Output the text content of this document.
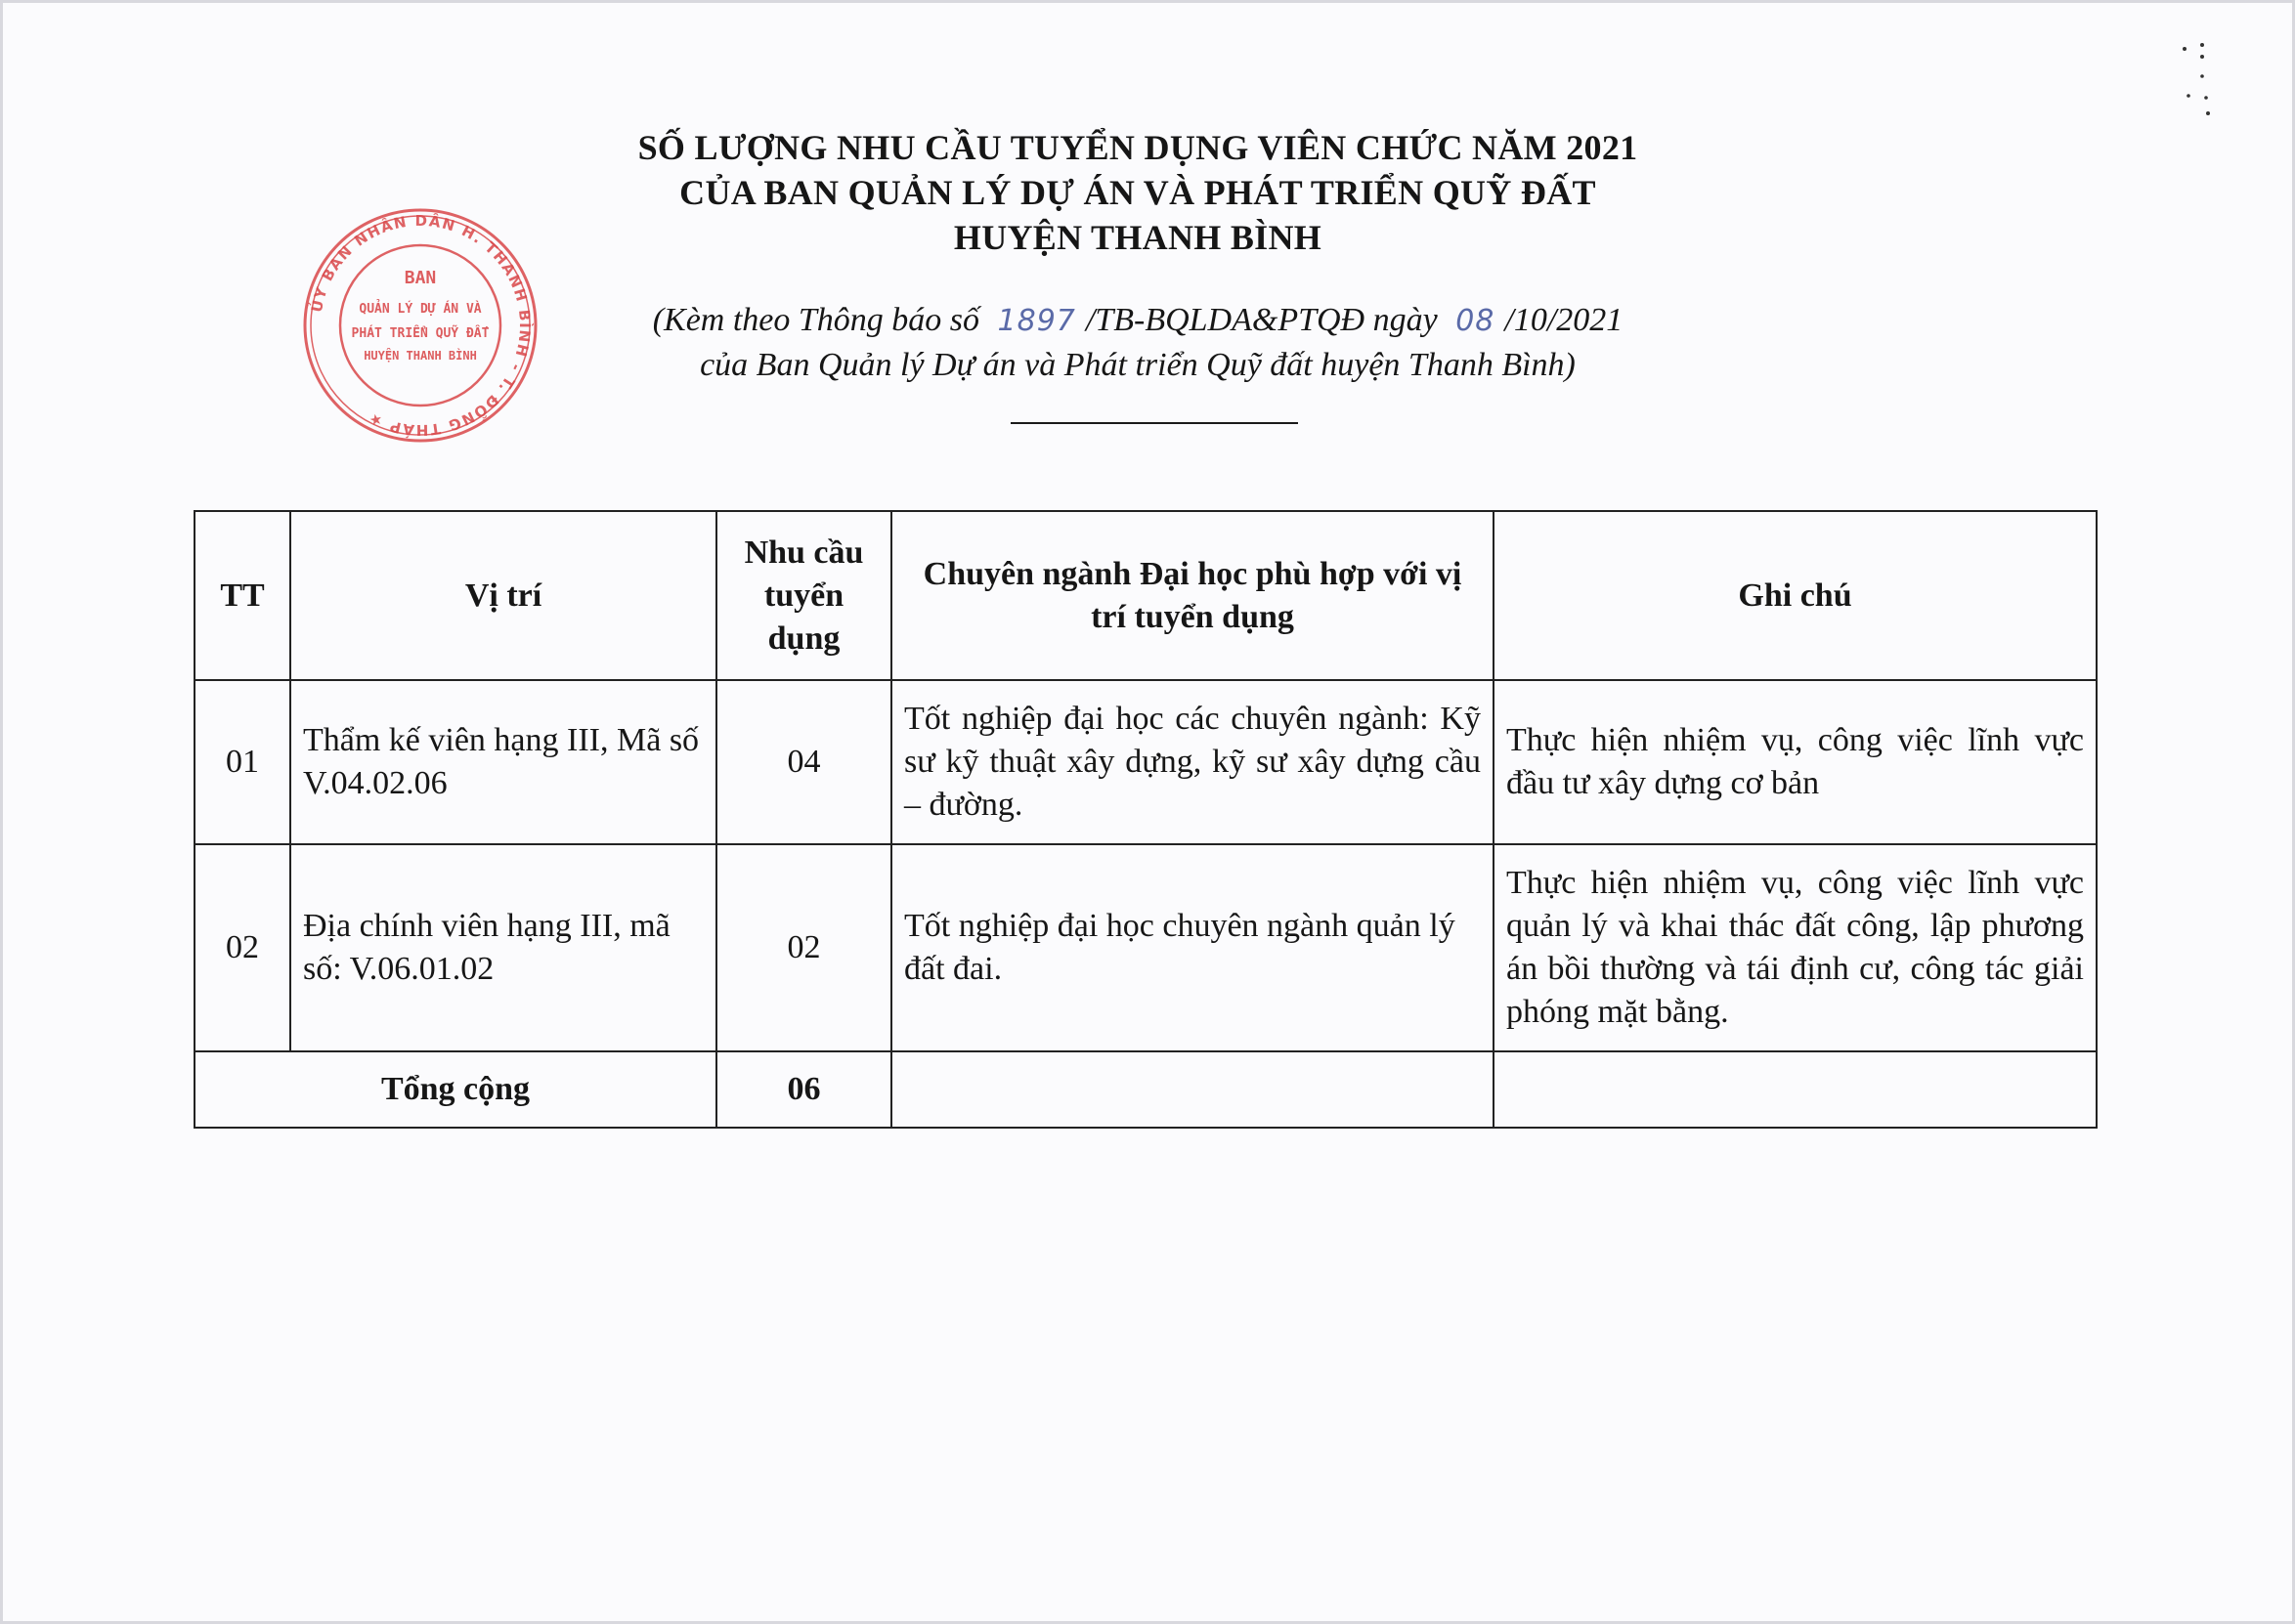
ỦY BAN NHÂN DÂN H. THANH BÌNH - T. ĐỒNG THÁP ★
BAN
QUẢN LÝ DỰ ÁN VÀ
PHÁT TRIỂN QUỸ ĐẤT
HUYỆN THANH BÌNH
SỐ LƯỢNG NHU CẦU TUYỂN DỤNG VIÊN CHỨC NĂM 2021
CỦA BAN QUẢN LÝ DỰ ÁN VÀ PHÁT TRIỂN QUỸ ĐẤT
HUYỆN THANH BÌNH
(Kèm theo Thông báo số 1897 /TB-BQLDA&PTQĐ ngày 08 /10/2021
của Ban Quản lý Dự án và Phát triển Quỹ đất huyện Thanh Bình)
TT	Vị trí	Nhu cầu tuyển dụng	Chuyên ngành Đại học phù hợp với vị trí tuyển dụng	Ghi chú
01	Thẩm kế viên hạng III, Mã số V.04.02.06	04	Tốt nghiệp đại học các chuyên ngành: Kỹ sư kỹ thuật xây dựng, kỹ sư xây dựng cầu – đường.	Thực hiện nhiệm vụ, công việc lĩnh vực đầu tư xây dựng cơ bản
02	Địa chính viên hạng III, mã số: V.06.01.02	02	Tốt nghiệp đại học chuyên ngành quản lý đất đai.	Thực hiện nhiệm vụ, công việc lĩnh vực quản lý và khai thác đất công, lập phương án bồi thường và tái định cư, công tác giải phóng mặt bằng.
Tổng cộng		06		
